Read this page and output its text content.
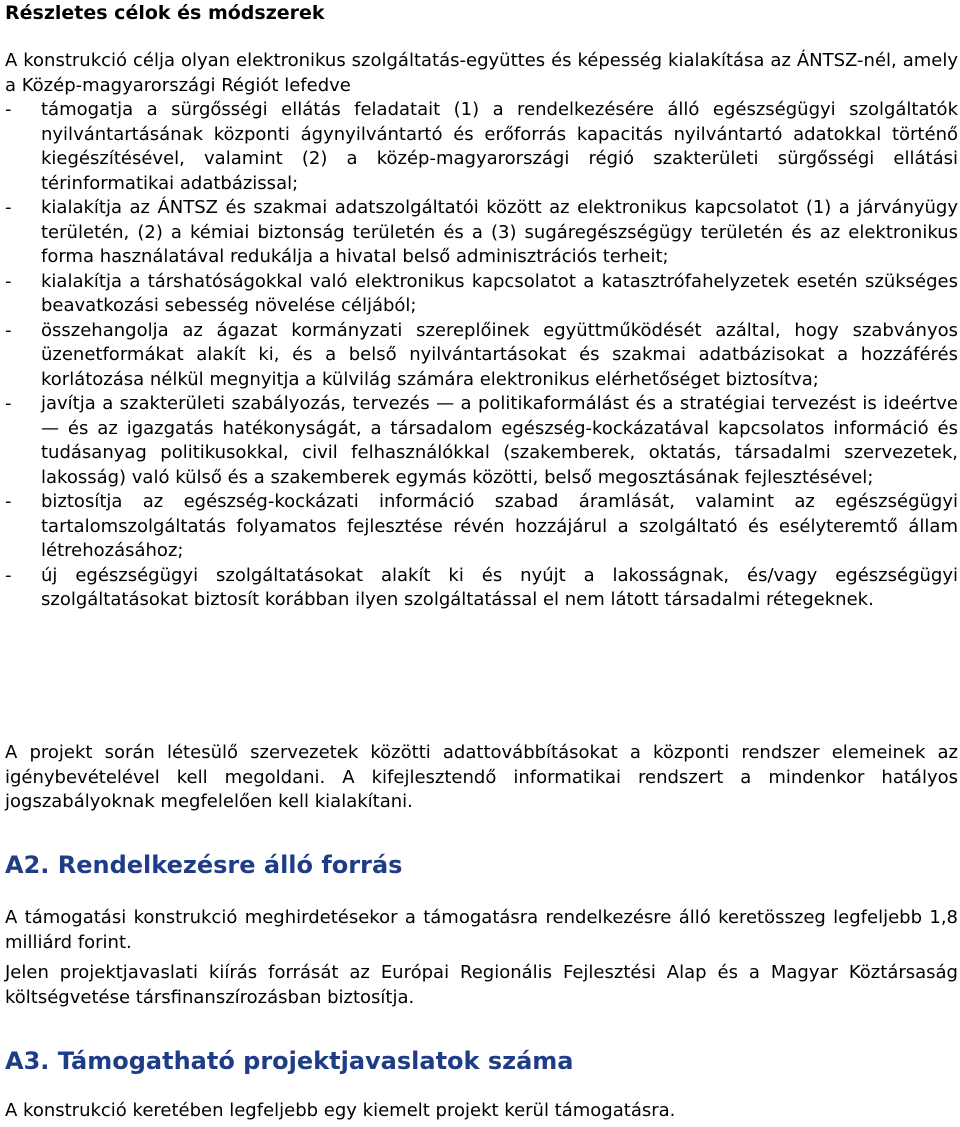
Részletes célok és módszerek

A konstrukció célja olyan elektronikus szolgáltatás-együttes és képesség kialakítása az ÁNTSZ-nél, amely a Közép-magyarországi Régiót lefedve

- támogatja a sürgősségi ellátás feladatait (1) a rendelkezésére álló egészségügyi szolgáltatók nyilvántartásának központi ágynyilvántartó és erőforrás kapacitás nyilvántartó adatokkal történő kiegészítésével, valamint (2) a közép-magyarországi régió szakterületi sürgősségi ellátási térinformatikai adatbázissal;
- kialakítja az ÁNTSZ és szakmai adatszolgáltatói között az elektronikus kapcsolatot (1) a járványügy területén, (2) a kémiai biztonság területén és a (3) sugáregészségügy területén és az elektronikus forma használatával redukálja a hivatal belső adminisztrációs terheit;
- kialakítja a társhatóságokkal való elektronikus kapcsolatot a katasztrófahelyzetek esetén szükséges beavatkozási sebesség növelése céljából;
- összehangolja az ágazat kormányzati szereplőinek együttműködését azáltal, hogy szabványos üzenetformákat alakít ki, és a belső nyilvántartásokat és szakmai adatbázisokat a hozzáférés korlátozása nélkül megnyitja a külvilág számára elektronikus elérhetőséget biztosítva;
- javítja a szakterületi szabályozás, tervezés — a politikaformálást és a stratégiai tervezést is ideértve — és az igazgatás hatékonyságát, a társadalom egészség-kockázatával kapcsolatos információ és tudásanyag politikusokkal, civil felhasználókkal (szakemberek, oktatás, társadalmi szervezetek, lakosság) való külső és a szakemberek egymás közötti, belső megosztásának fejlesztésével;
- biztosítja az egészség-kockázati információ szabad áramlását, valamint az egészségügyi tartalomszolgáltatás folyamatos fejlesztése révén hozzájárul a szolgáltató és esélyteremtő állam létrehozásához;
- új egészségügyi szolgáltatásokat alakít ki és nyújt a lakosságnak, és/vagy egészségügyi szolgáltatásokat biztosít korábban ilyen szolgáltatással el nem látott társadalmi rétegeknek.

A projekt során létesülő szervezetek közötti adattovábbításokat a központi rendszer elemeinek az igénybevételével kell megoldani. A kifejlesztendő informatikai rendszert a mindenkor hatályos jogszabályoknak megfelelően kell kialakítani.

A2. Rendelkezésre álló forrás

A támogatási konstrukció meghirdetésekor a támogatásra rendelkezésre álló keretösszeg legfeljebb 1,8 milliárd forint.

Jelen projektjavaslati kiírás forrását az Európai Regionális Fejlesztési Alap és a Magyar Köztársaság költségvetése társfinanszírozásban biztosítja.

A3. Támogatható projektjavaslatok száma

A konstrukció keretében legfeljebb egy kiemelt projekt kerül támogatásra.
